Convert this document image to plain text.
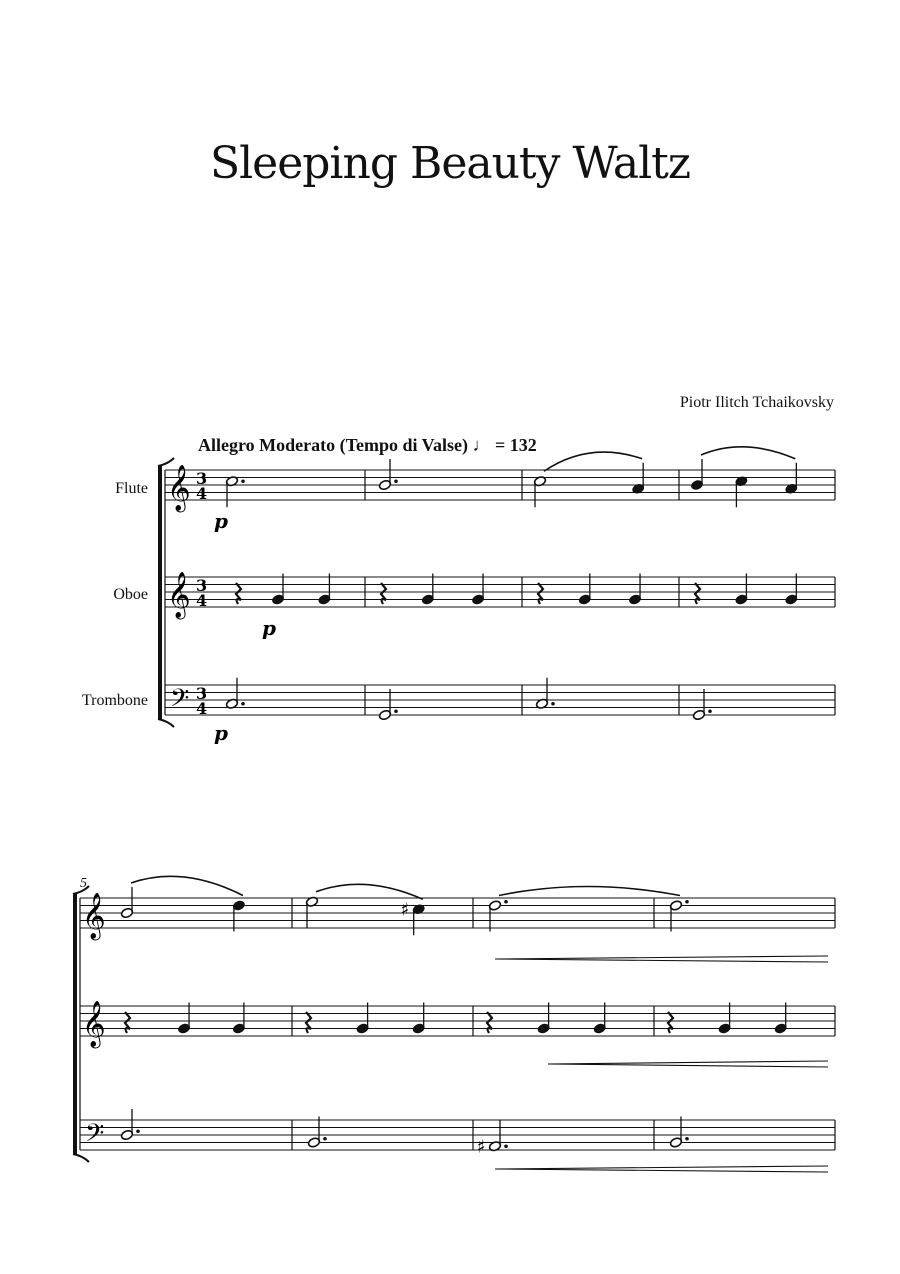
Sleeping Beauty Waltz
Piotr Ilitch Tchaikovsky
Allegro Moderato (Tempo di Valse) ♩ = 132
Flute
Oboe
Trombone
5
𝄞 3
4
𝄞 3
4
𝄢 3
4
p
p
p
𝄞
𝄞
𝄢
♯
♯
